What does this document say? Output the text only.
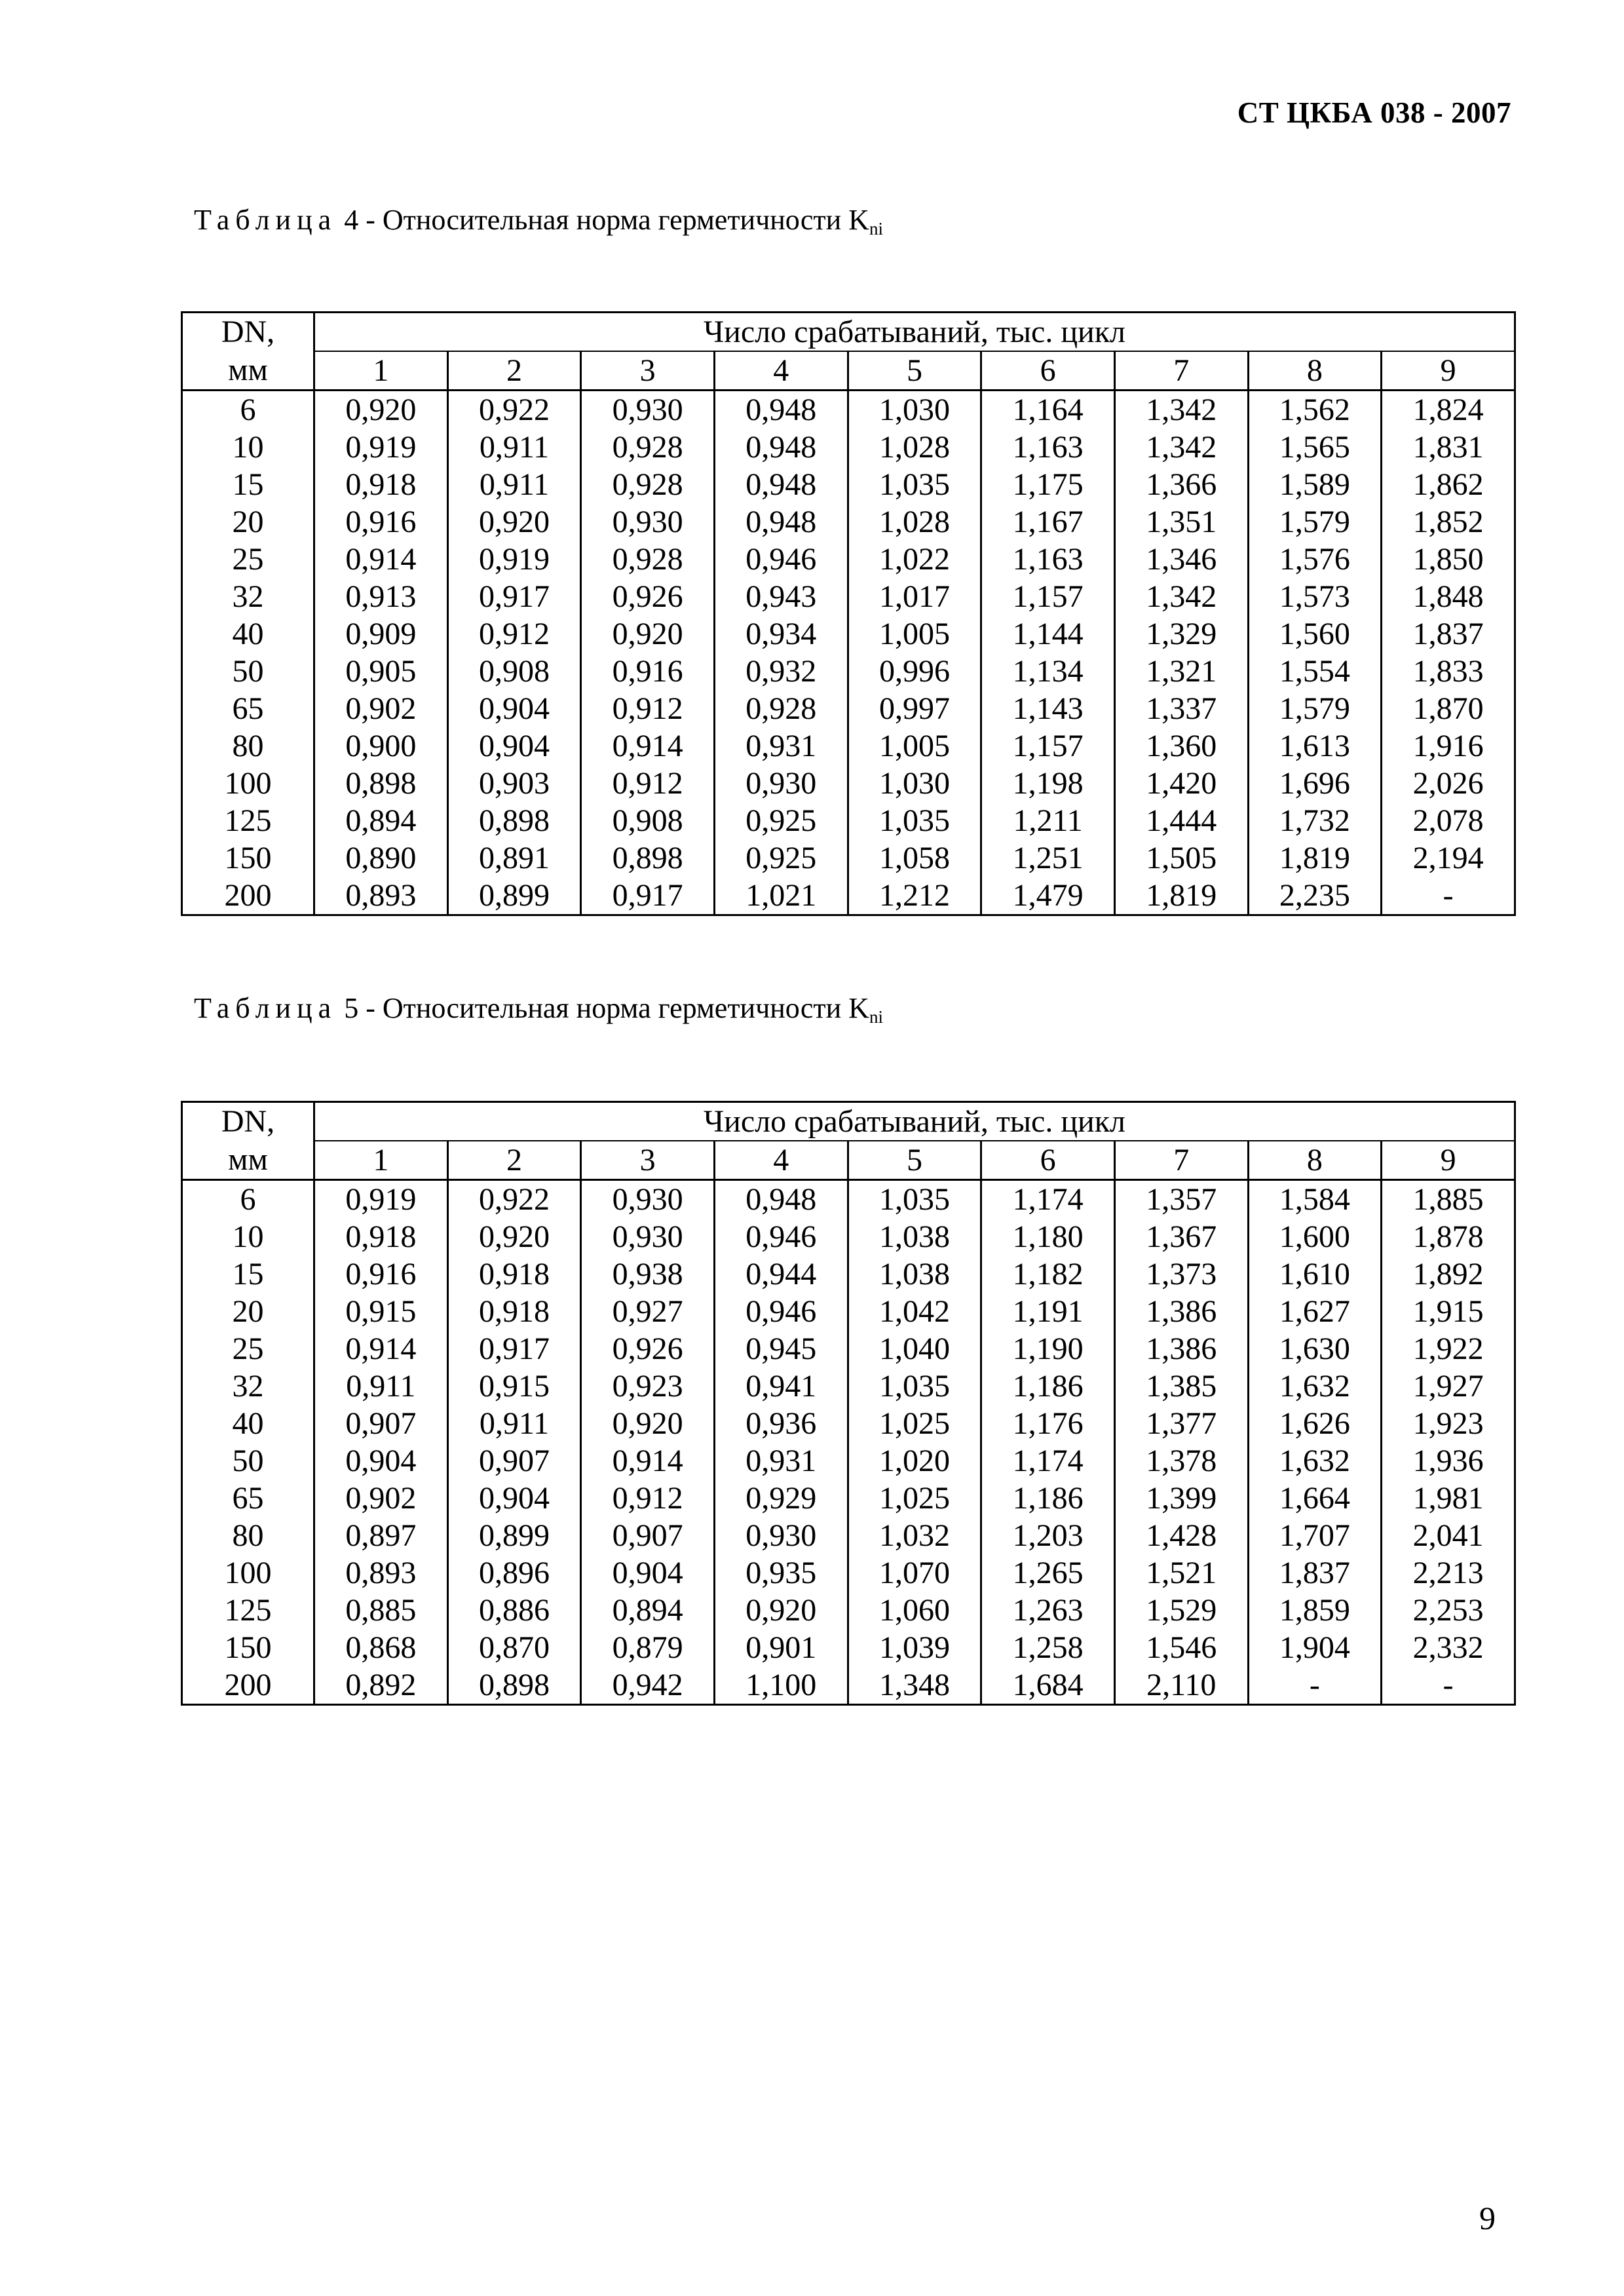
СТ ЦКБА 038 - 2007
Таблица 4 - Относительная норма герметичности $K_{ni}$
DN,	Число срабатываний, тыс. цикл								
мм	1	2	3	4	5	6	7	8	9
6	0,920	0,922	0,930	0,948	1,030	1,164	1,342	1,562	1,824
10	0,919	0,911	0,928	0,948	1,028	1,163	1,342	1,565	1,831
15	0,918	0,911	0,928	0,948	1,035	1,175	1,366	1,589	1,862
20	0,916	0,920	0,930	0,948	1,028	1,167	1,351	1,579	1,852
25	0,914	0,919	0,928	0,946	1,022	1,163	1,346	1,576	1,850
32	0,913	0,917	0,926	0,943	1,017	1,157	1,342	1,573	1,848
40	0,909	0,912	0,920	0,934	1,005	1,144	1,329	1,560	1,837
50	0,905	0,908	0,916	0,932	0,996	1,134	1,321	1,554	1,833
65	0,902	0,904	0,912	0,928	0,997	1,143	1,337	1,579	1,870
80	0,900	0,904	0,914	0,931	1,005	1,157	1,360	1,613	1,916
100	0,898	0,903	0,912	0,930	1,030	1,198	1,420	1,696	2,026
125	0,894	0,898	0,908	0,925	1,035	1,211	1,444	1,732	2,078
150	0,890	0,891	0,898	0,925	1,058	1,251	1,505	1,819	2,194
200	0,893	0,899	0,917	1,021	1,212	1,479	1,819	2,235	-
Таблица 5 - Относительная норма герметичности $K_{ni}$
DN,	Число срабатываний, тыс. цикл								
мм	1	2	3	4	5	6	7	8	9
6	0,919	0,922	0,930	0,948	1,035	1,174	1,357	1,584	1,885
10	0,918	0,920	0,930	0,946	1,038	1,180	1,367	1,600	1,878
15	0,916	0,918	0,938	0,944	1,038	1,182	1,373	1,610	1,892
20	0,915	0,918	0,927	0,946	1,042	1,191	1,386	1,627	1,915
25	0,914	0,917	0,926	0,945	1,040	1,190	1,386	1,630	1,922
32	0,911	0,915	0,923	0,941	1,035	1,186	1,385	1,632	1,927
40	0,907	0,911	0,920	0,936	1,025	1,176	1,377	1,626	1,923
50	0,904	0,907	0,914	0,931	1,020	1,174	1,378	1,632	1,936
65	0,902	0,904	0,912	0,929	1,025	1,186	1,399	1,664	1,981
80	0,897	0,899	0,907	0,930	1,032	1,203	1,428	1,707	2,041
100	0,893	0,896	0,904	0,935	1,070	1,265	1,521	1,837	2,213
125	0,885	0,886	0,894	0,920	1,060	1,263	1,529	1,859	2,253
150	0,868	0,870	0,879	0,901	1,039	1,258	1,546	1,904	2,332
200	0,892	0,898	0,942	1,100	1,348	1,684	2,110	-	-
9
